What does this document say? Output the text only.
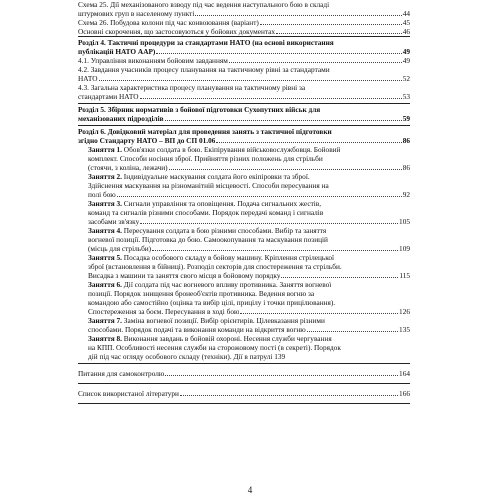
Схема 25. Дії механізованого взводу під час ведення наступального бою в складі
штурмових груп в населеному пункті	44
Схема 26. Побудова колони під час конвоювання (варіант)	45
Основні скорочення, що застосовуються у бойових документах	46
Розділ 4. Тактичні процедури за стандартами НАТО (на основі використання
публікацій НАТО ААР)	49
4.1. Управління виконанням бойовим завданням	49
4.2. Завдання учасників процесу планування на тактичному рівні за стандартами
НАТО	52
4.3. Загальна характеристика процесу планування на тактичному рівні за
стандартами НАТО	53
Розділ 5. Збірник нормативів з бойової підготовки Сухопутних військ для
механізованих підрозділів	59
Розділ 6. Довідковий матеріал для проведення занять з тактичної підготовки
згідно Стандарту НАТО – ВП до СП 01.06	86
Заняття 1. Обов'язки солдата в бою. Екіпірування військовослужбовця. Бойовий
комплект. Способи носіння зброї. Прийняття різних положень для стрільби
(стоячи, з коліна, лежачи)	86
Заняття 2. Індивідуальне маскування солдата його екіпіровки та зброї.
Здійснення маскування на різноманітній місцевості. Способи пересування на
полі бою	92
Заняття 3. Сигнали управління та оповіщення. Подача сигнальних жестів,
команд та сигналів різними способами. Порядок передачі команд і сигналів
засобами зв'язку	105
Заняття 4. Пересування солдата в бою різними способами. Вибір та заняття
вогневої позиції. Підготовка до бою. Самоокопування та маскування позицій
(місць для стрільби)	109
Заняття 5. Посадка особового складу в бойову машину. Кріплення стрілецької
зброї (встановлення в бійниці). Розподіл секторів для спостереження та стрільби.
Висадка з машини та заняття свого місця в бойовому порядку	115
Заняття 6. Дії солдата під час вогневого впливу противника. Заняття вогневої
позиції. Порядок знищення бронеоб'єктів противника. Ведення вогню за
командою або самостійно (оцінка та вибір цілі, прицілу і точки прицілювання).
Спостереження за боєм. Пересування в ході бою	126
Заняття 7. Заміна вогневої позиції. Вибір орієнтирів. Цілевказання різними
способами. Порядок подачі та виконання команди на відкриття вогню	135
Заняття 8. Виконання завдань в бойовій охороні. Несення служби чергування
на КПП. Особливості несення служби на сторожовому пості (в секреті). Порядок
дій під час огляду особового складу (техніки). Дії в патрулі 139
Питання для самоконтролю	164
Список використаної літератури	166
4
